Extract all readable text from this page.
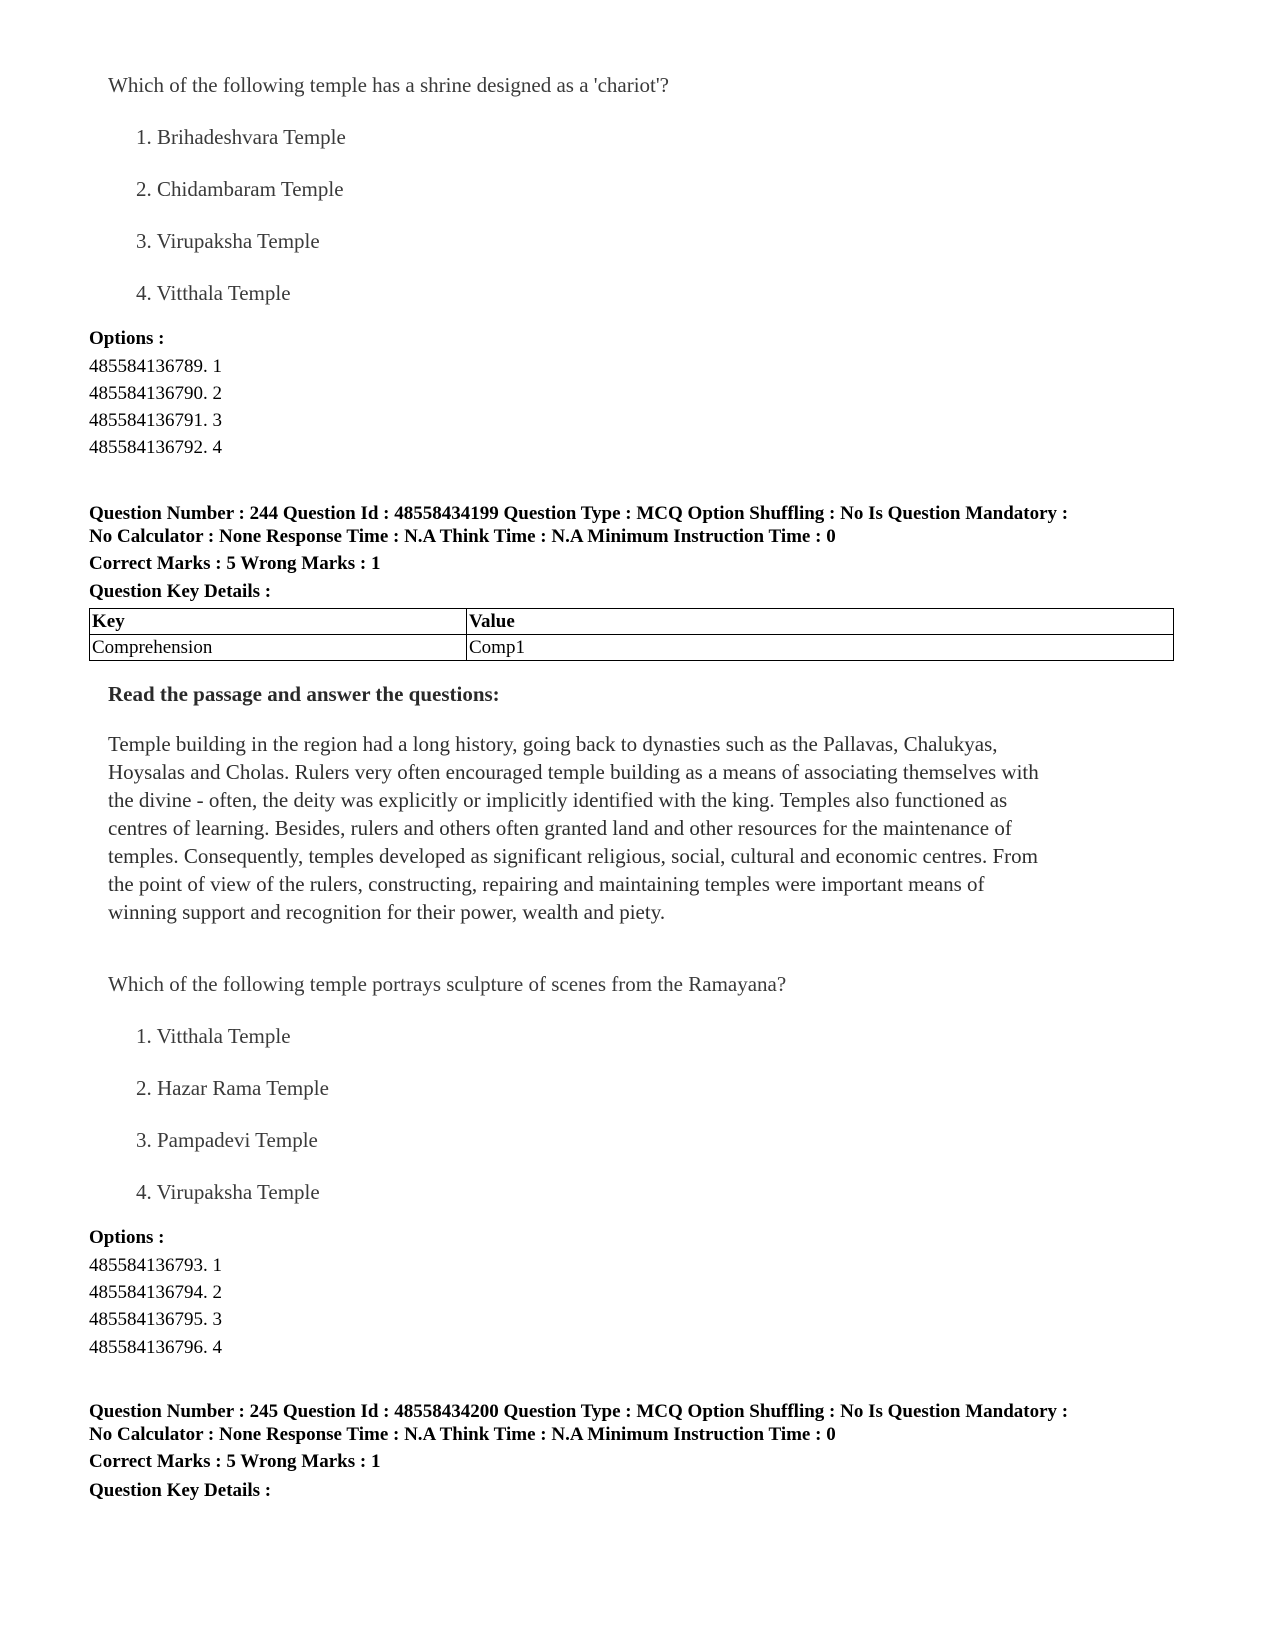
Which of the following temple has a shrine designed as a 'chariot'?
1. Brihadeshvara Temple
2. Chidambaram Temple
3. Virupaksha Temple
4. Vitthala Temple
Options :
485584136789. 1
485584136790. 2
485584136791. 3
485584136792. 4
Question Number : 244 Question Id : 48558434199 Question Type : MCQ Option Shuffling : No Is Question Mandatory :
No Calculator : None Response Time : N.A Think Time : N.A Minimum Instruction Time : 0
Correct Marks : 5 Wrong Marks : 1
Question Key Details :
Key	Value
Comprehension	Comp1
Read the passage and answer the questions:
Temple building in the region had a long history, going back to dynasties such as the Pallavas, Chalukyas,
Hoysalas and Cholas. Rulers very often encouraged temple building as a means of associating themselves with
the divine - often, the deity was explicitly or implicitly identified with the king. Temples also functioned as
centres of learning. Besides, rulers and others often granted land and other resources for the maintenance of
temples. Consequently, temples developed as significant religious, social, cultural and economic centres. From
the point of view of the rulers, constructing, repairing and maintaining temples were important means of
winning support and recognition for their power, wealth and piety.
Which of the following temple portrays sculpture of scenes from the Ramayana?
1. Vitthala Temple
2. Hazar Rama Temple
3. Pampadevi Temple
4. Virupaksha Temple
Options :
485584136793. 1
485584136794. 2
485584136795. 3
485584136796. 4
Question Number : 245 Question Id : 48558434200 Question Type : MCQ Option Shuffling : No Is Question Mandatory :
No Calculator : None Response Time : N.A Think Time : N.A Minimum Instruction Time : 0
Correct Marks : 5 Wrong Marks : 1
Question Key Details :
